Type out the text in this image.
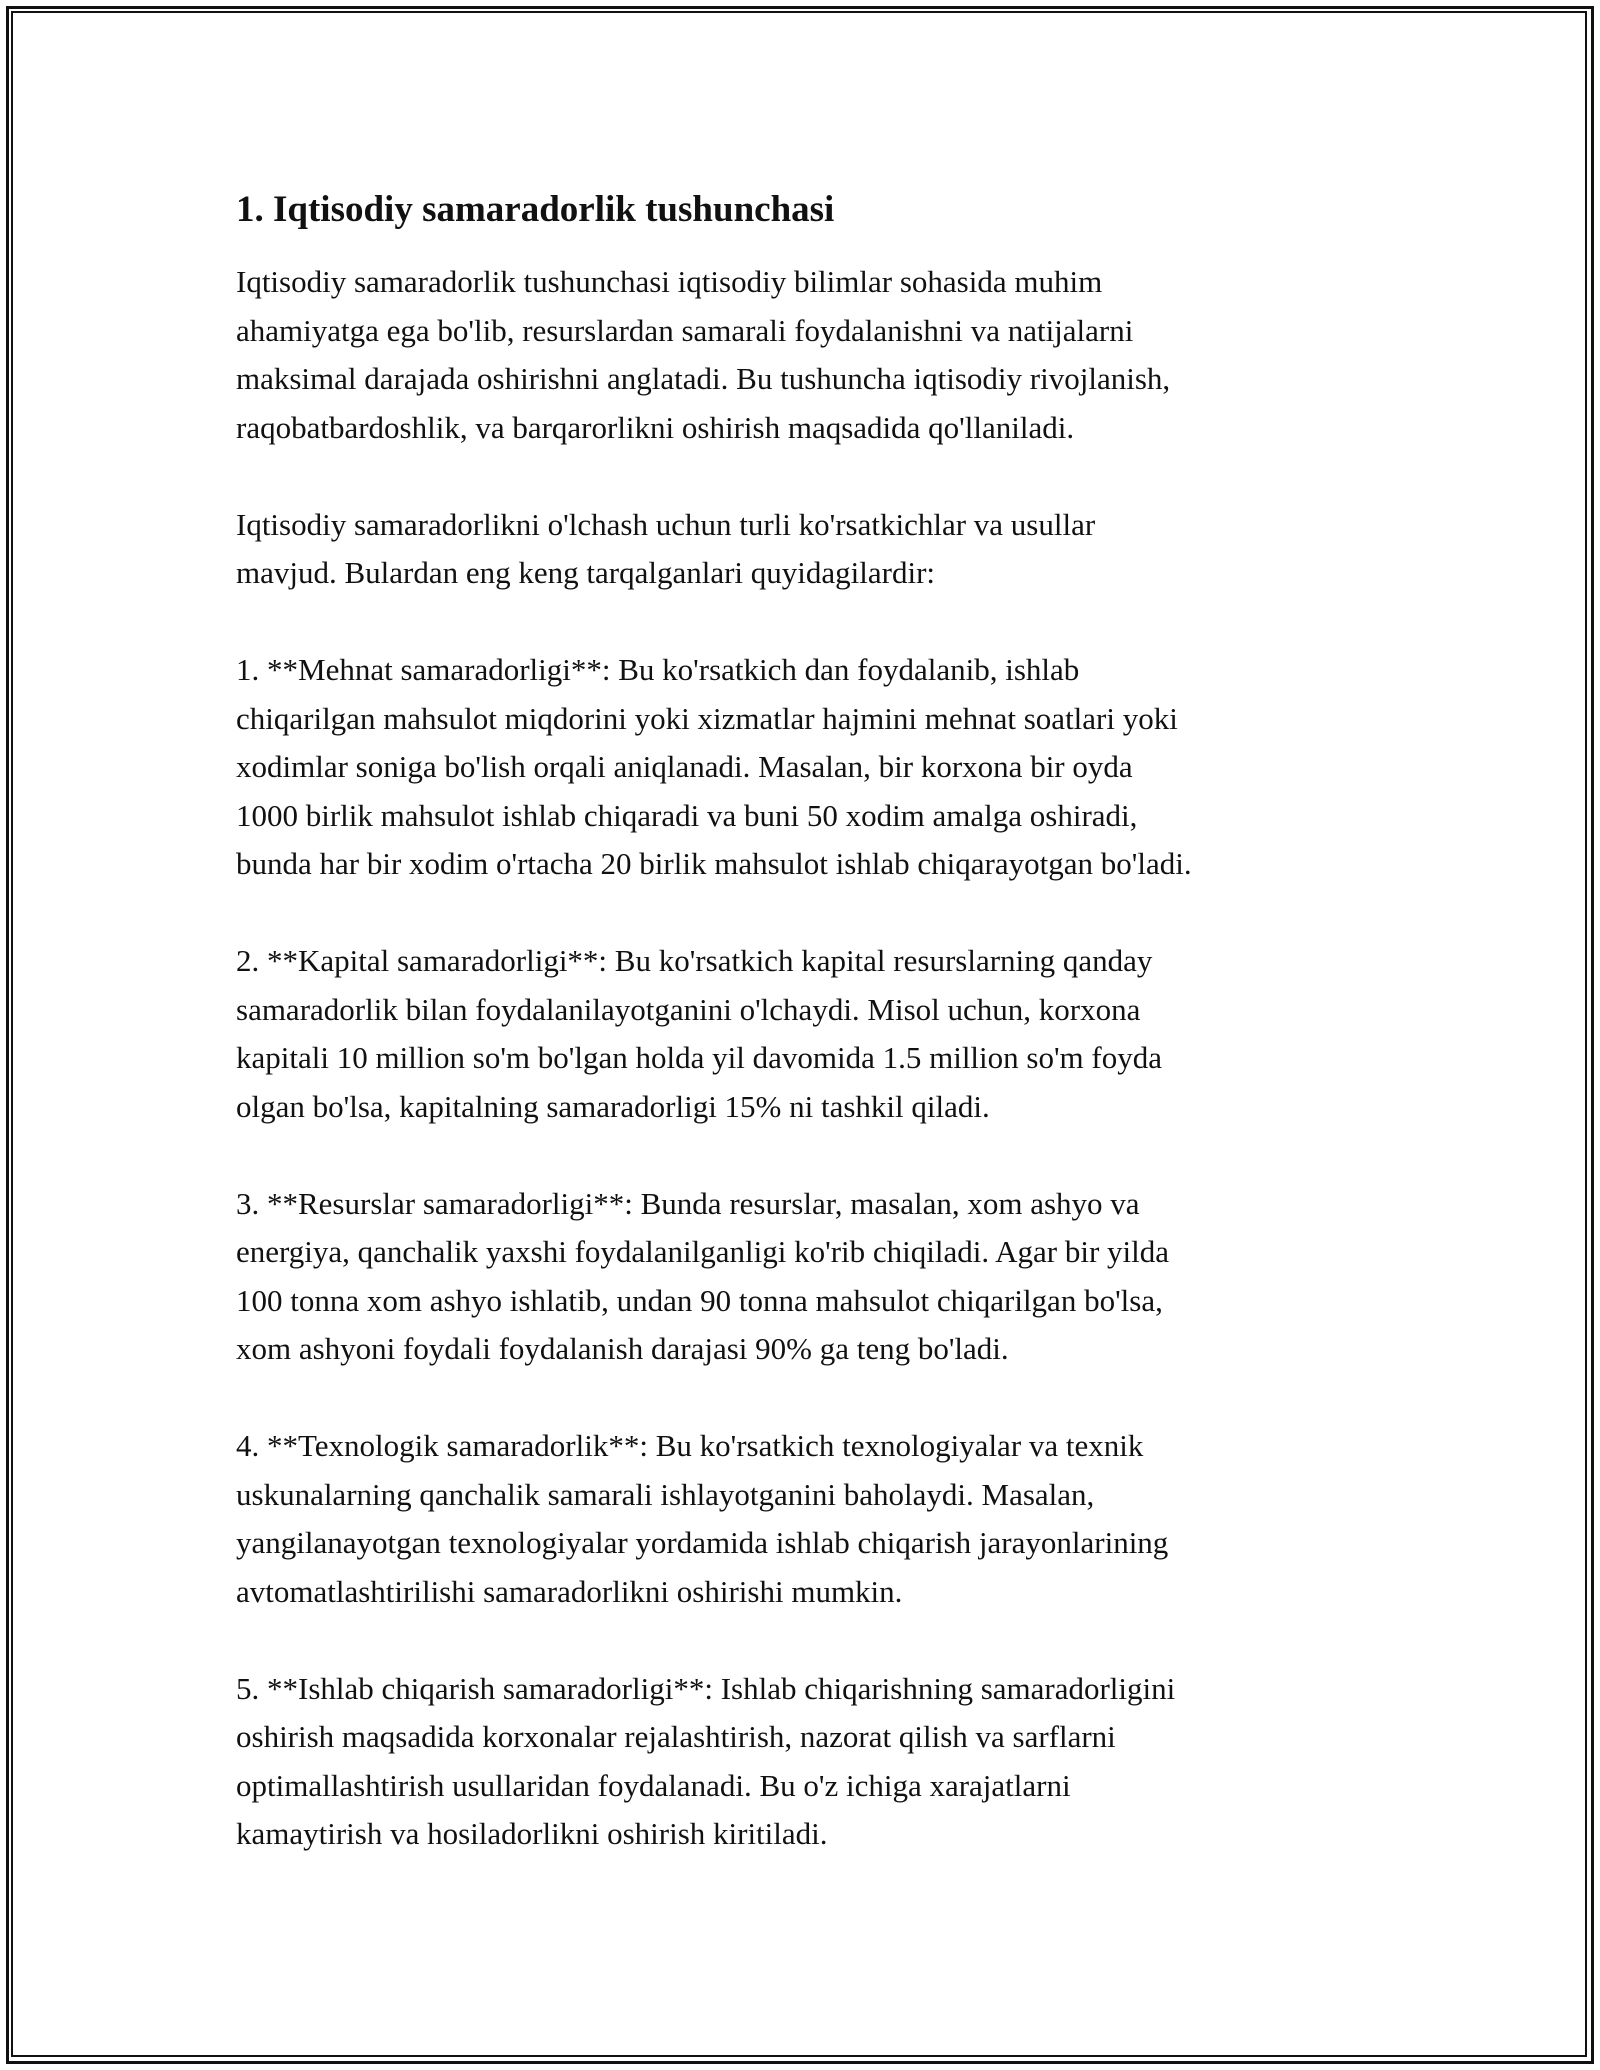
1. Iqtisodiy samaradorlik tushunchasi

Iqtisodiy samaradorlik tushunchasi iqtisodiy bilimlar sohasida muhim
ahamiyatga ega bo'lib, resurslardan samarali foydalanishni va natijalarni
maksimal darajada oshirishni anglatadi. Bu tushuncha iqtisodiy rivojlanish,
raqobatbardoshlik, va barqarorlikni oshirish maqsadida qo'llaniladi.

Iqtisodiy samaradorlikni o'lchash uchun turli ko'rsatkichlar va usullar
mavjud. Bulardan eng keng tarqalganlari quyidagilardir:

1. **Mehnat samaradorligi**: Bu ko'rsatkich dan foydalanib, ishlab
chiqarilgan mahsulot miqdorini yoki xizmatlar hajmini mehnat soatlari yoki
xodimlar soniga bo'lish orqali aniqlanadi. Masalan, bir korxona bir oyda
1000 birlik mahsulot ishlab chiqaradi va buni 50 xodim amalga oshiradi,
bunda har bir xodim o'rtacha 20 birlik mahsulot ishlab chiqarayotgan bo'ladi.

2. **Kapital samaradorligi**: Bu ko'rsatkich kapital resurslarning qanday
samaradorlik bilan foydalanilayotganini o'lchaydi. Misol uchun, korxona
kapitali 10 million so'm bo'lgan holda yil davomida 1.5 million so'm foyda
olgan bo'lsa, kapitalning samaradorligi 15% ni tashkil qiladi.

3. **Resurslar samaradorligi**: Bunda resurslar, masalan, xom ashyo va
energiya, qanchalik yaxshi foydalanilganligi ko'rib chiqiladi. Agar bir yilda
100 tonna xom ashyo ishlatib, undan 90 tonna mahsulot chiqarilgan bo'lsa,
xom ashyoni foydali foydalanish darajasi 90% ga teng bo'ladi.

4. **Texnologik samaradorlik**: Bu ko'rsatkich texnologiyalar va texnik
uskunalarning qanchalik samarali ishlayotganini baholaydi. Masalan,
yangilanayotgan texnologiyalar yordamida ishlab chiqarish jarayonlarining
avtomatlashtirilishi samaradorlikni oshirishi mumkin.

5. **Ishlab chiqarish samaradorligi**: Ishlab chiqarishning samaradorligini
oshirish maqsadida korxonalar rejalashtirish, nazorat qilish va sarflarni
optimallashtirish usullaridan foydalanadi. Bu o'z ichiga xarajatlarni
kamaytirish va hosiladorlikni oshirish kiritiladi.
